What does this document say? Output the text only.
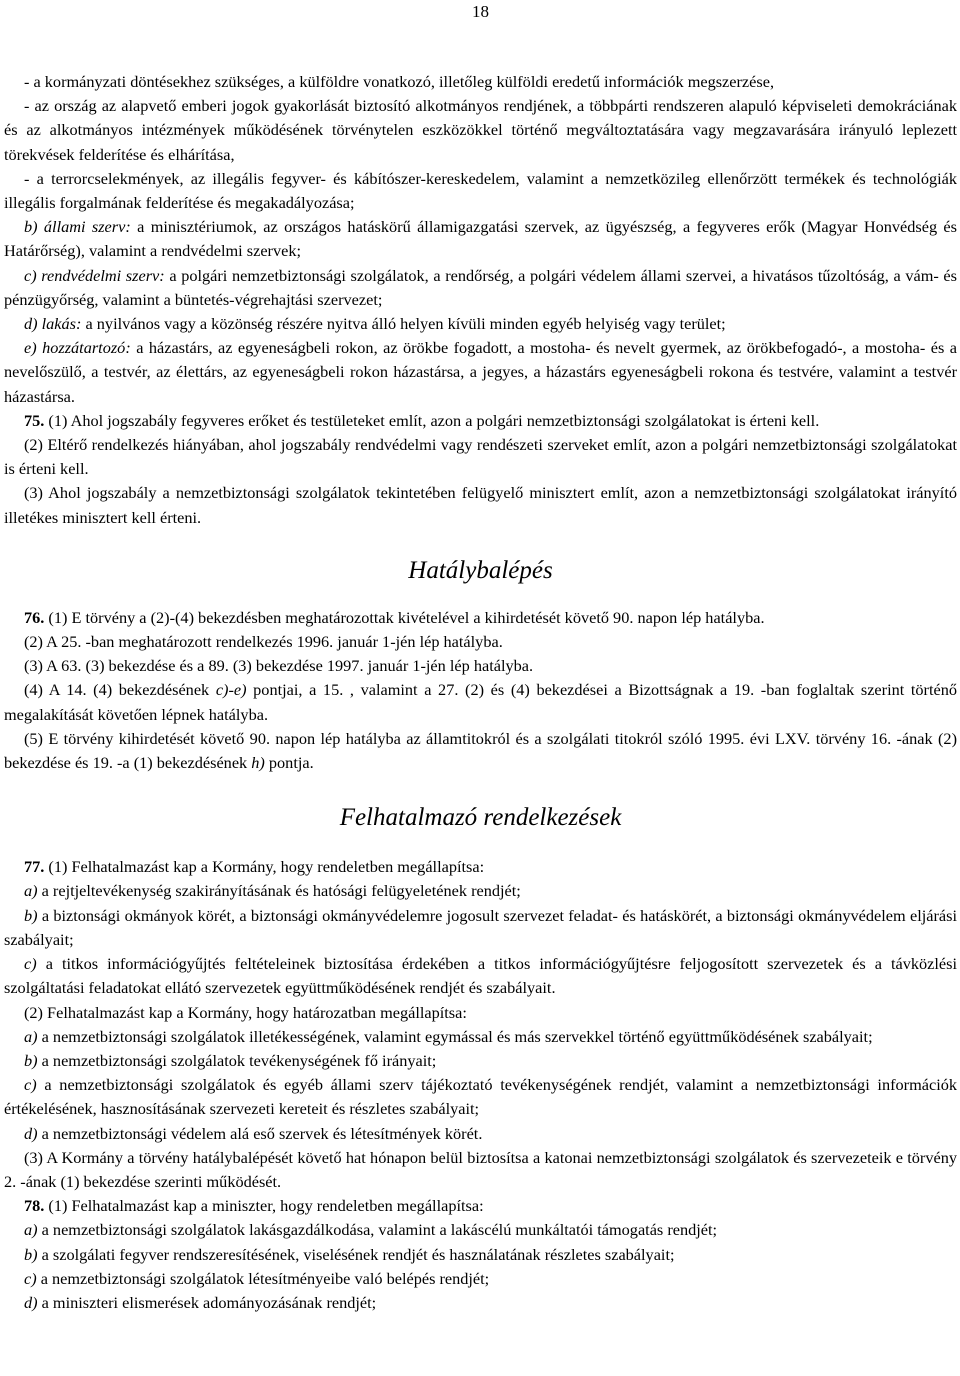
18

- a kormányzati döntésekhez szükséges, a külföldre vonatkozó, illetőleg külföldi eredetű információk megszerzése,

- az ország az alapvető emberi jogok gyakorlását biztosító alkotmányos rendjének, a többpárti rendszeren alapuló képviseleti demokráciának és az alkotmányos intézmények működésének törvénytelen eszközökkel történő megváltoztatására vagy megzavarására irányuló leplezett törekvések felderítése és elhárítása,

- a terrorcselekmények, az illegális fegyver- és kábítószer-kereskedelem, valamint a nemzetközileg ellenőrzött termékek és technológiák illegális forgalmának felderítése és megakadályozása;

b) állami szerv: a minisztériumok, az országos hatáskörű államigazgatási szervek, az ügyészség, a fegyveres erők (Magyar Honvédség és Határőrség), valamint a rendvédelmi szervek;

c) rendvédelmi szerv: a polgári nemzetbiztonsági szolgálatok, a rendőrség, a polgári védelem állami szervei, a hivatásos tűzoltóság, a vám- és pénzügyőrség, valamint a büntetés-végrehajtási szervezet;

d) lakás: a nyilvános vagy a közönség részére nyitva álló helyen kívüli minden egyéb helyiség vagy terület;

e) hozzátartozó: a házastárs, az egyeneságbeli rokon, az örökbe fogadott, a mostoha- és nevelt gyermek, az örökbefogadó-, a mostoha- és a nevelőszülő, a testvér, az élettárs, az egyeneságbeli rokon házastársa, a jegyes, a házastárs egyeneságbeli rokona és testvére, valamint a testvér házastársa.

75. (1) Ahol jogszabály fegyveres erőket és testületeket említ, azon a polgári nemzetbiztonsági szolgálatokat is érteni kell.

(2) Eltérő rendelkezés hiányában, ahol jogszabály rendvédelmi vagy rendészeti szerveket említ, azon a polgári nemzetbiztonsági szolgálatokat is érteni kell.

(3) Ahol jogszabály a nemzetbiztonsági szolgálatok tekintetében felügyelő minisztert említ, azon a nemzetbiztonsági szolgálatokat irányító illetékes minisztert kell érteni.

Hatálybalépés

76. (1) E törvény a (2)-(4) bekezdésben meghatározottak kivételével a kihirdetését követő 90. napon lép hatályba.

(2) A 25. -ban meghatározott rendelkezés 1996. január 1-jén lép hatályba.

(3) A 63. (3) bekezdése és a 89. (3) bekezdése 1997. január 1-jén lép hatályba.

(4) A 14. (4) bekezdésének c)-e) pontjai, a 15. , valamint a 27. (2) és (4) bekezdései a Bizottságnak a 19. -ban foglaltak szerint történő megalakítását követően lépnek hatályba.

(5) E törvény kihirdetését követő 90. napon lép hatályba az államtitokról és a szolgálati titokról szóló 1995. évi LXV. törvény 16. -ának (2) bekezdése és 19. -a (1) bekezdésének h) pontja.

Felhatalmazó rendelkezések

77. (1) Felhatalmazást kap a Kormány, hogy rendeletben megállapítsa:

a) a rejtjeltevékenység szakirányításának és hatósági felügyeletének rendjét;

b) a biztonsági okmányok körét, a biztonsági okmányvédelemre jogosult szervezet feladat- és hatáskörét, a biztonsági okmányvédelem eljárási szabályait;

c) a titkos információgyűjtés feltételeinek biztosítása érdekében a titkos információgyűjtésre feljogosított szervezetek és a távközlési szolgáltatási feladatokat ellátó szervezetek együttműködésének rendjét és szabályait.

(2) Felhatalmazást kap a Kormány, hogy határozatban megállapítsa:

a) a nemzetbiztonsági szolgálatok illetékességének, valamint egymással és más szervekkel történő együttműködésének szabályait;

b) a nemzetbiztonsági szolgálatok tevékenységének fő irányait;

c) a nemzetbiztonsági szolgálatok és egyéb állami szerv tájékoztató tevékenységének rendjét, valamint a nemzetbiztonsági információk értékelésének, hasznosításának szervezeti kereteit és részletes szabályait;

d) a nemzetbiztonsági védelem alá eső szervek és létesítmények körét.

(3) A Kormány a törvény hatálybalépését követő hat hónapon belül biztosítsa a katonai nemzetbiztonsági szolgálatok és szervezeteik e törvény 2. -ának (1) bekezdése szerinti működését.

78. (1) Felhatalmazást kap a miniszter, hogy rendeletben megállapítsa:

a) a nemzetbiztonsági szolgálatok lakásgazdálkodása, valamint a lakáscélú munkáltatói támogatás rendjét;

b) a szolgálati fegyver rendszeresítésének, viselésének rendjét és használatának részletes szabályait;

c) a nemzetbiztonsági szolgálatok létesítményeibe való belépés rendjét;

d) a miniszteri elismerések adományozásának rendjét;
